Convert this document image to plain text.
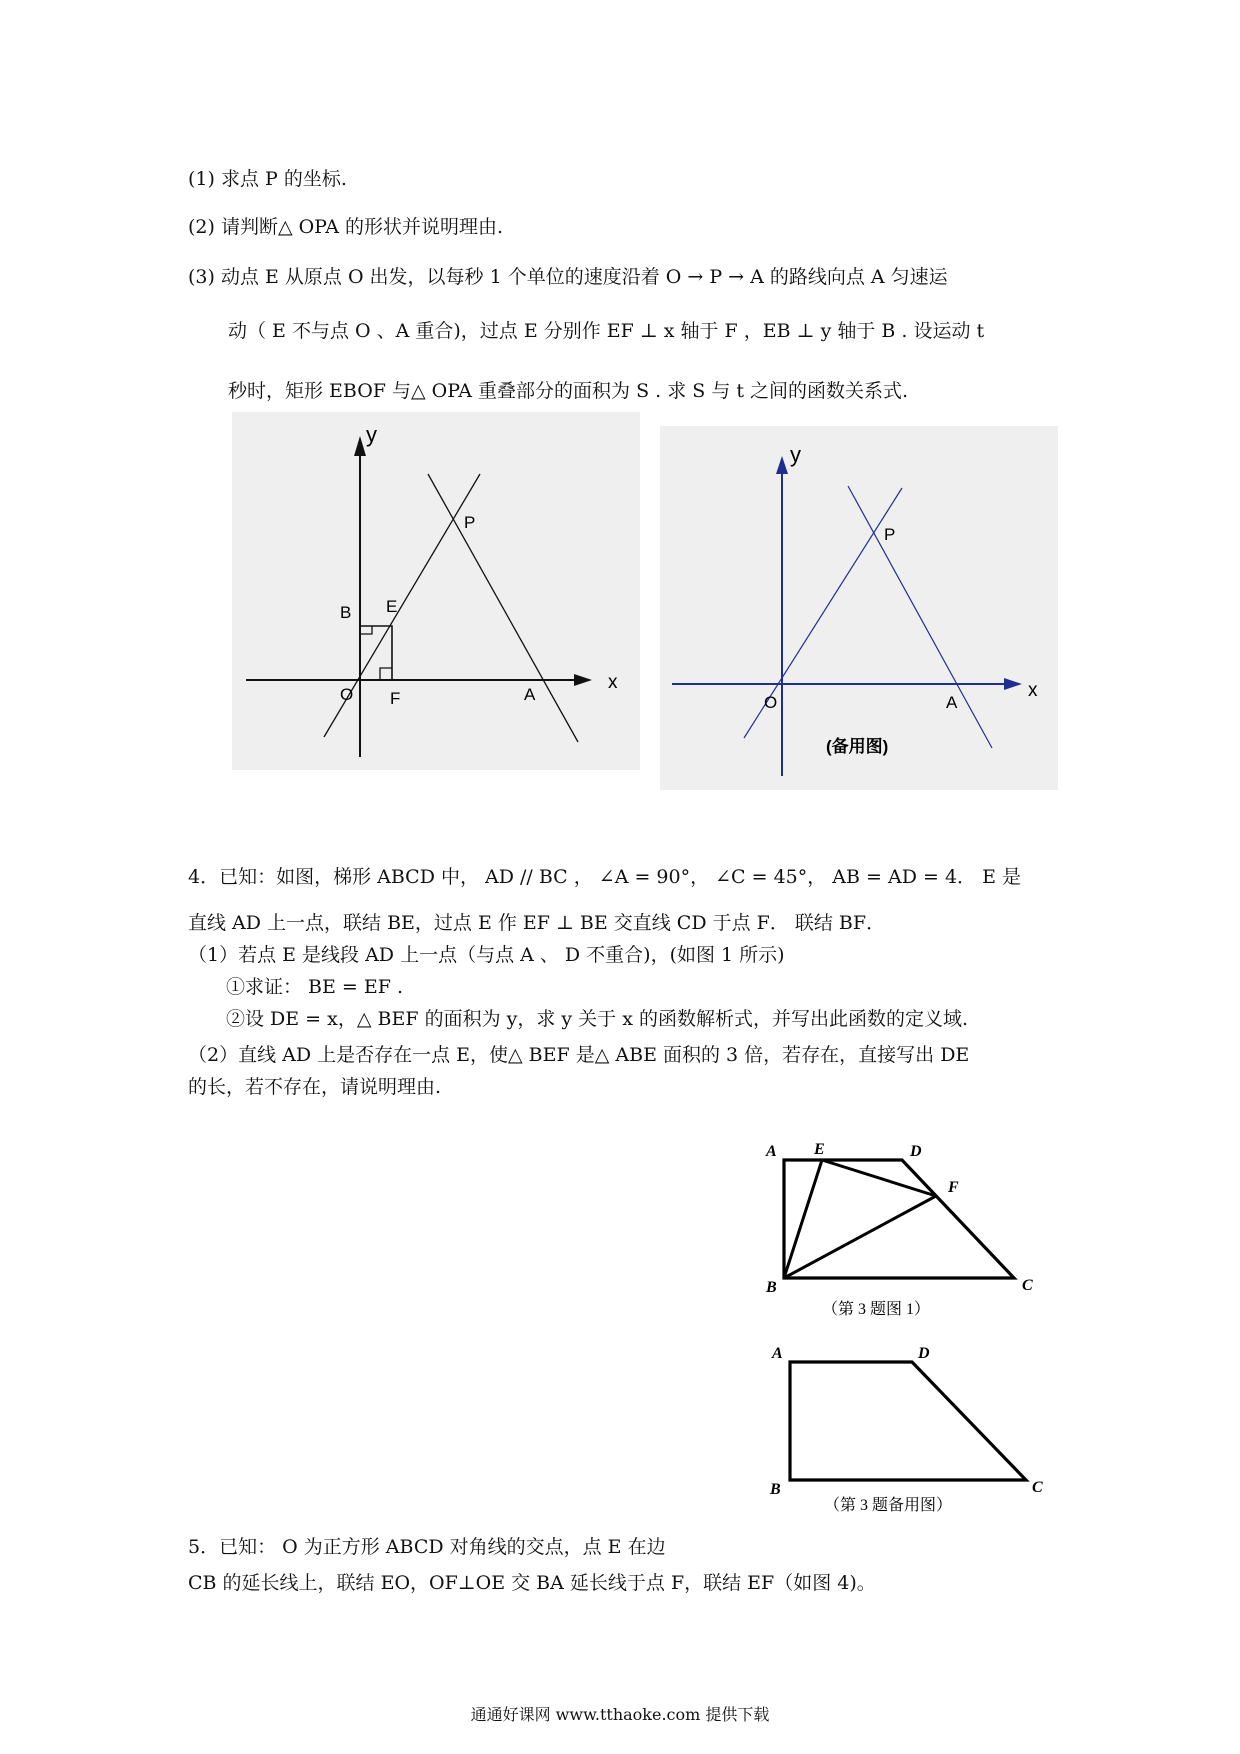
(1) 求点 P 的坐标.
(2) 请判断△ OPA 的形状并说明理由.
(3) 动点 E 从原点 O 出发，以每秒 1 个单位的速度沿着 O → P → A 的路线向点 A 匀速运
动（ E 不与点 O 、A 重合)，过点 E 分别作 EF ⊥ x 轴于 F ，EB ⊥ y 轴于 B . 设运动 t
秒时，矩形 EBOF 与△ OPA 重叠部分的面积为 S . 求 S 与 t 之间的函数关系式.
x
y
P
E
B
O F	A	x
y
P
O	A
(备用图)
4．已知：如图，梯形 ABCD 中， AD // BC ， ∠A = 90°， ∠C = 45°， AB = AD = 4． E 是
直线 AD 上一点，联结 BE，过点 E 作 EF ⊥ BE 交直线 CD 于点 F． 联结 BF．
（1）若点 E 是线段 AD 上一点（与点 A 、 D 不重合)，(如图 1 所示)
①求证： BE = EF .
②设 DE = x，△ BEF 的面积为 y，求 y 关于 x 的函数解析式，并写出此函数的定义域.
（2）直线 AD 上是否存在一点 E，使△ BEF 是△ ABE 面积的 3 倍，若存在，直接写出 DE
的长，若不存在，请说明理由.
A E	D
F
B	C
（第 3 题图 1）
A	D
B	C
（第 3 题备用图）
5．已知： O 为正方形 ABCD 对角线的交点，点 E 在边
CB 的延长线上，联结 EO，OF⊥OE 交 BA 延长线于点 F，联结 EF（如图 4)。
通通好课网 www.tthaoke.com 提供下载
